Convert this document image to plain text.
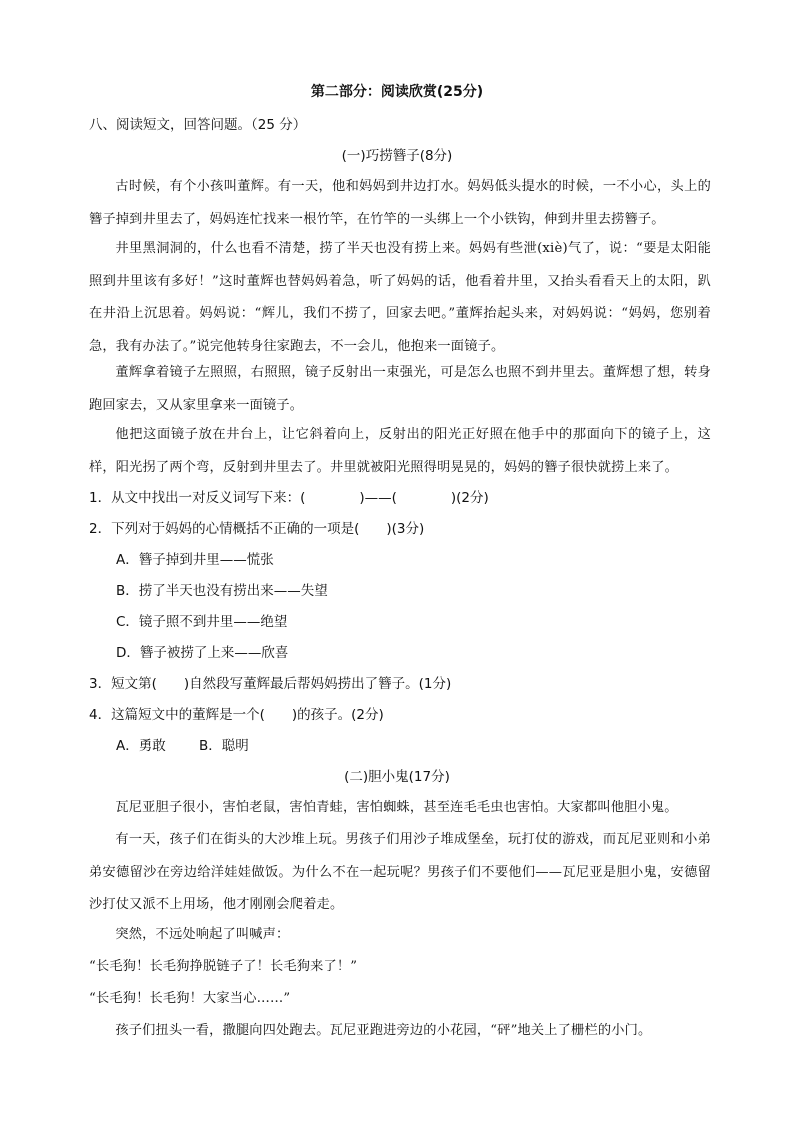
第二部分：阅读欣赏(25分)
八、阅读短文，回答问题。（25 分）
(一)巧捞簪子(8分)
古时候，有个小孩叫董辉。有一天，他和妈妈到井边打水。妈妈低头提水的时候，一不小心，头上的簪子掉到井里去了，妈妈连忙找来一根竹竿，在竹竿的一头绑上一个小铁钩，伸到井里去捞簪子。
井里黑洞洞的，什么也看不清楚，捞了半天也没有捞上来。妈妈有些泄(xiè)气了，说：“要是太阳能照到井里该有多好！”这时董辉也替妈妈着急，听了妈妈的话，他看着井里，又抬头看看天上的太阳，趴在井沿上沉思着。妈妈说：“辉儿，我们不捞了，回家去吧。”董辉抬起头来，对妈妈说：“妈妈，您别着急，我有办法了。”说完他转身往家跑去，不一会儿，他抱来一面镜子。
董辉拿着镜子左照照，右照照，镜子反射出一束强光，可是怎么也照不到井里去。董辉想了想，转身跑回家去，又从家里拿来一面镜子。
他把这面镜子放在井台上，让它斜着向上，反射出的阳光正好照在他手中的那面向下的镜子上，这样，阳光拐了两个弯，反射到井里去了。井里就被阳光照得明晃晃的，妈妈的簪子很快就捞上来了。
1．从文中找出一对反义词写下来：(　　　　)——(　　　　)(2分)
2．下列对于妈妈的心情概括不正确的一项是(　　)(3分)
A．簪子掉到井里——慌张
B．捞了半天也没有捞出来——失望
C．镜子照不到井里——绝望
D．簪子被捞了上来——欣喜
3．短文第(　　)自然段写董辉最后帮妈妈捞出了簪子。(1分)
4．这篇短文中的董辉是一个(　　)的孩子。(2分)
A．勇敢 B．聪明
(二)胆小鬼(17分)
瓦尼亚胆子很小，害怕老鼠，害怕青蛙，害怕蜘蛛，甚至连毛毛虫也害怕。大家都叫他胆小鬼。
有一天，孩子们在街头的大沙堆上玩。男孩子们用沙子堆成堡垒，玩打仗的游戏，而瓦尼亚则和小弟弟安德留沙在旁边给洋娃娃做饭。为什么不在一起玩呢？男孩子们不要他们——瓦尼亚是胆小鬼，安德留沙打仗又派不上用场，他才刚刚会爬着走。
突然，不远处响起了叫喊声：
“长毛狗！长毛狗挣脱链子了！长毛狗来了！”
“长毛狗！长毛狗！大家当心……”
孩子们扭头一看，撒腿向四处跑去。瓦尼亚跑进旁边的小花园，“砰”地关上了栅栏的小门。
